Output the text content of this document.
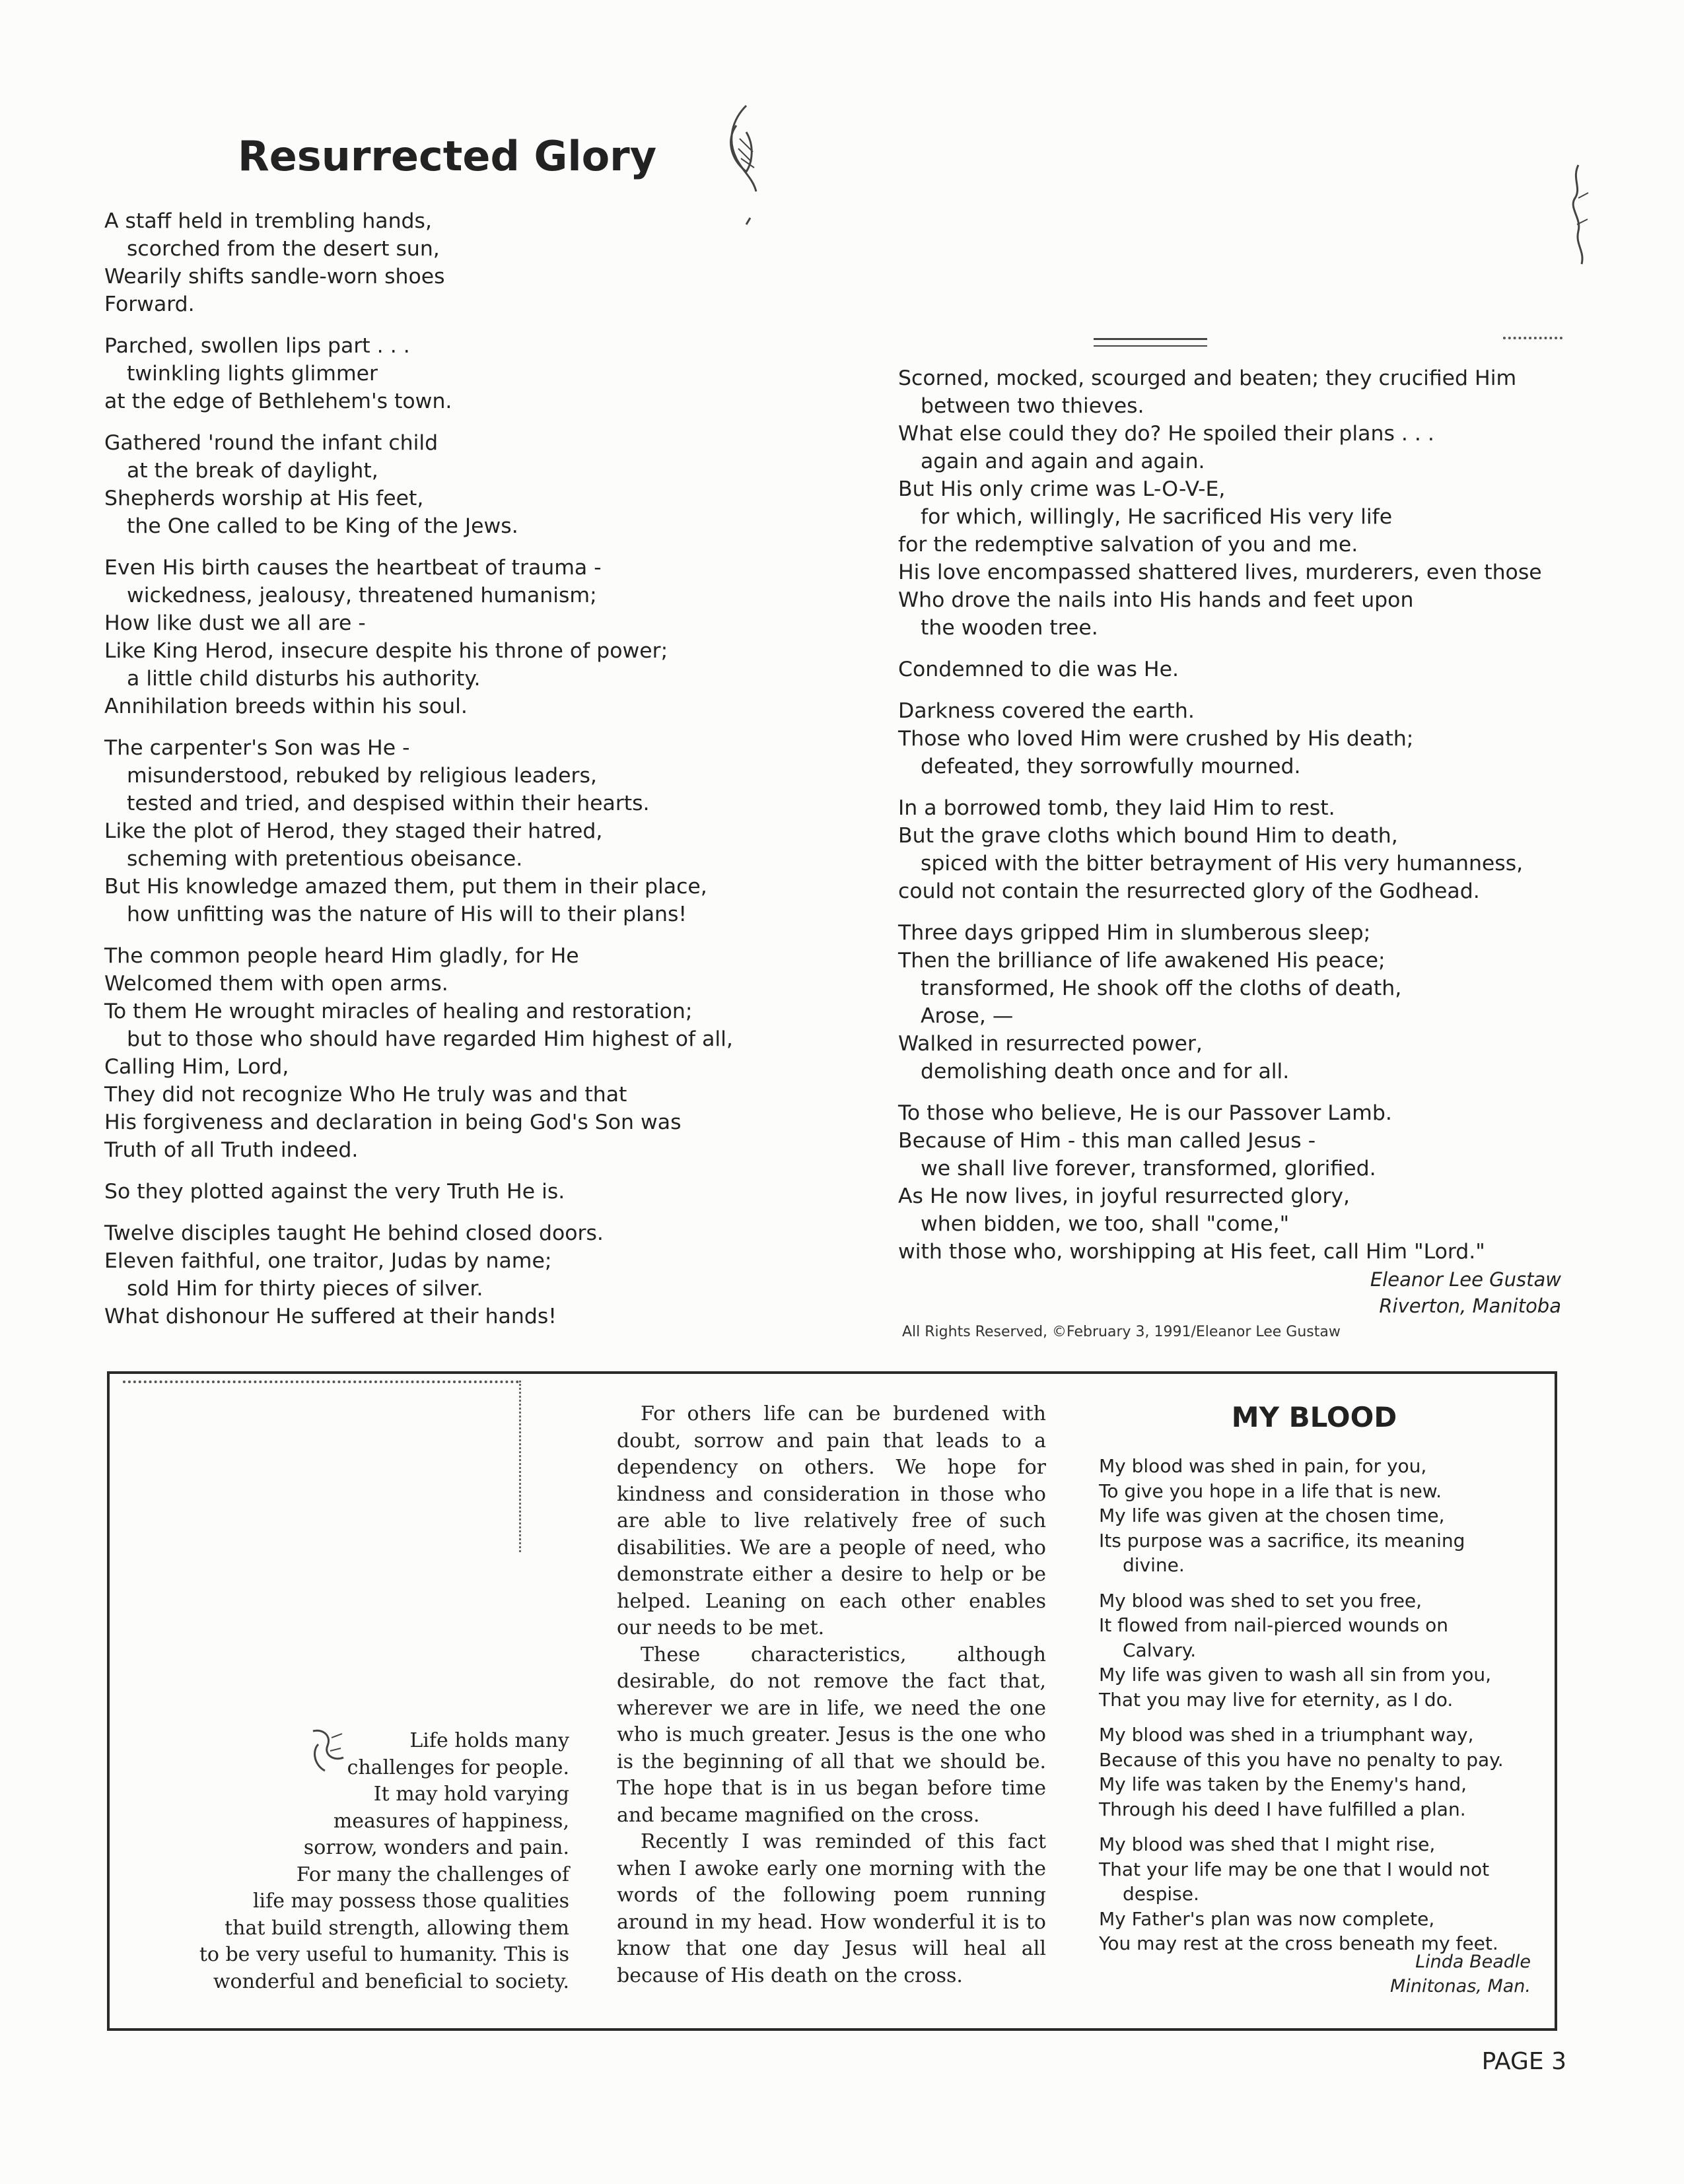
Resurrected Glory
A staff held in trembling hands,
scorched from the desert sun,
Wearily shifts sandle-worn shoes
Forward.
Parched, swollen lips part . . .
twinkling lights glimmer
at the edge of Bethlehem's town.
Gathered 'round the infant child
at the break of daylight,
Shepherds worship at His feet,
the One called to be King of the Jews.
Even His birth causes the heartbeat of trauma -
wickedness, jealousy, threatened humanism;
How like dust we all are -
Like King Herod, insecure despite his throne of power;
a little child disturbs his authority.
Annihilation breeds within his soul.
The carpenter's Son was He -
misunderstood, rebuked by religious leaders,
tested and tried, and despised within their hearts.
Like the plot of Herod, they staged their hatred,
scheming with pretentious obeisance.
But His knowledge amazed them, put them in their place,
how unfitting was the nature of His will to their plans!
The common people heard Him gladly, for He
Welcomed them with open arms.
To them He wrought miracles of healing and restoration;
but to those who should have regarded Him highest of all,
Calling Him, Lord,
They did not recognize Who He truly was and that
His forgiveness and declaration in being God's Son was
Truth of all Truth indeed.
So they plotted against the very Truth He is.
Twelve disciples taught He behind closed doors.
Eleven faithful, one traitor, Judas by name;
sold Him for thirty pieces of silver.
What dishonour He suffered at their hands!
Scorned, mocked, scourged and beaten; they crucified Him
between two thieves.
What else could they do? He spoiled their plans . . .
again and again and again.
But His only crime was L-O-V-E,
for which, willingly, He sacrificed His very life
for the redemptive salvation of you and me.
His love encompassed shattered lives, murderers, even those
Who drove the nails into His hands and feet upon
the wooden tree.
Condemned to die was He.
Darkness covered the earth.
Those who loved Him were crushed by His death;
defeated, they sorrowfully mourned.
In a borrowed tomb, they laid Him to rest.
But the grave cloths which bound Him to death,
spiced with the bitter betrayment of His very humanness,
could not contain the resurrected glory of the Godhead.
Three days gripped Him in slumberous sleep;
Then the brilliance of life awakened His peace;
transformed, He shook off the cloths of death,
Arose, —
Walked in resurrected power,
demolishing death once and for all.
To those who believe, He is our Passover Lamb.
Because of Him - this man called Jesus -
we shall live forever, transformed, glorified.
As He now lives, in joyful resurrected glory,
when bidden, we too, shall "come,"
with those who, worshipping at His feet, call Him "Lord."
Eleanor Lee Gustaw
Riverton, Manitoba
All Rights Reserved, ©February 3, 1991/Eleanor Lee Gustaw
Life holds many
challenges for people.
It may hold varying
measures of happiness,
sorrow, wonders and pain.
For many the challenges of
life may possess those qualities
that build strength, allowing them
to be very useful to humanity. This is
wonderful and beneficial to society.

For others life can be burdened with doubt, sorrow and pain that leads to a dependency on others. We hope for kindness and consideration in those who are able to live relatively free of such disabilities. We are a people of need, who demonstrate either a desire to help or be helped. Leaning on each other enables our needs to be met.

These characteristics, although desirable, do not remove the fact that, wherever we are in life, we need the one who is much greater. Jesus is the one who is the beginning of all that we should be. The hope that is in us began before time and became magnified on the cross.

Recently I was reminded of this fact when I awoke early one morning with the words of the following poem running around in my head. How wonderful it is to know that one day Jesus will heal all because of His death on the cross.

MY BLOOD
My blood was shed in pain, for you,
To give you hope in a life that is new.
My life was given at the chosen time,
Its purpose was a sacrifice, its meaning
divine.
My blood was shed to set you free,
It flowed from nail-pierced wounds on
Calvary.
My life was given to wash all sin from you,
That you may live for eternity, as I do.
My blood was shed in a triumphant way,
Because of this you have no penalty to pay.
My life was taken by the Enemy's hand,
Through his deed I have fulfilled a plan.
My blood was shed that I might rise,
That your life may be one that I would not
despise.
My Father's plan was now complete,
You may rest at the cross beneath my feet.
Linda Beadle
Minitonas, Man.
PAGE 3
